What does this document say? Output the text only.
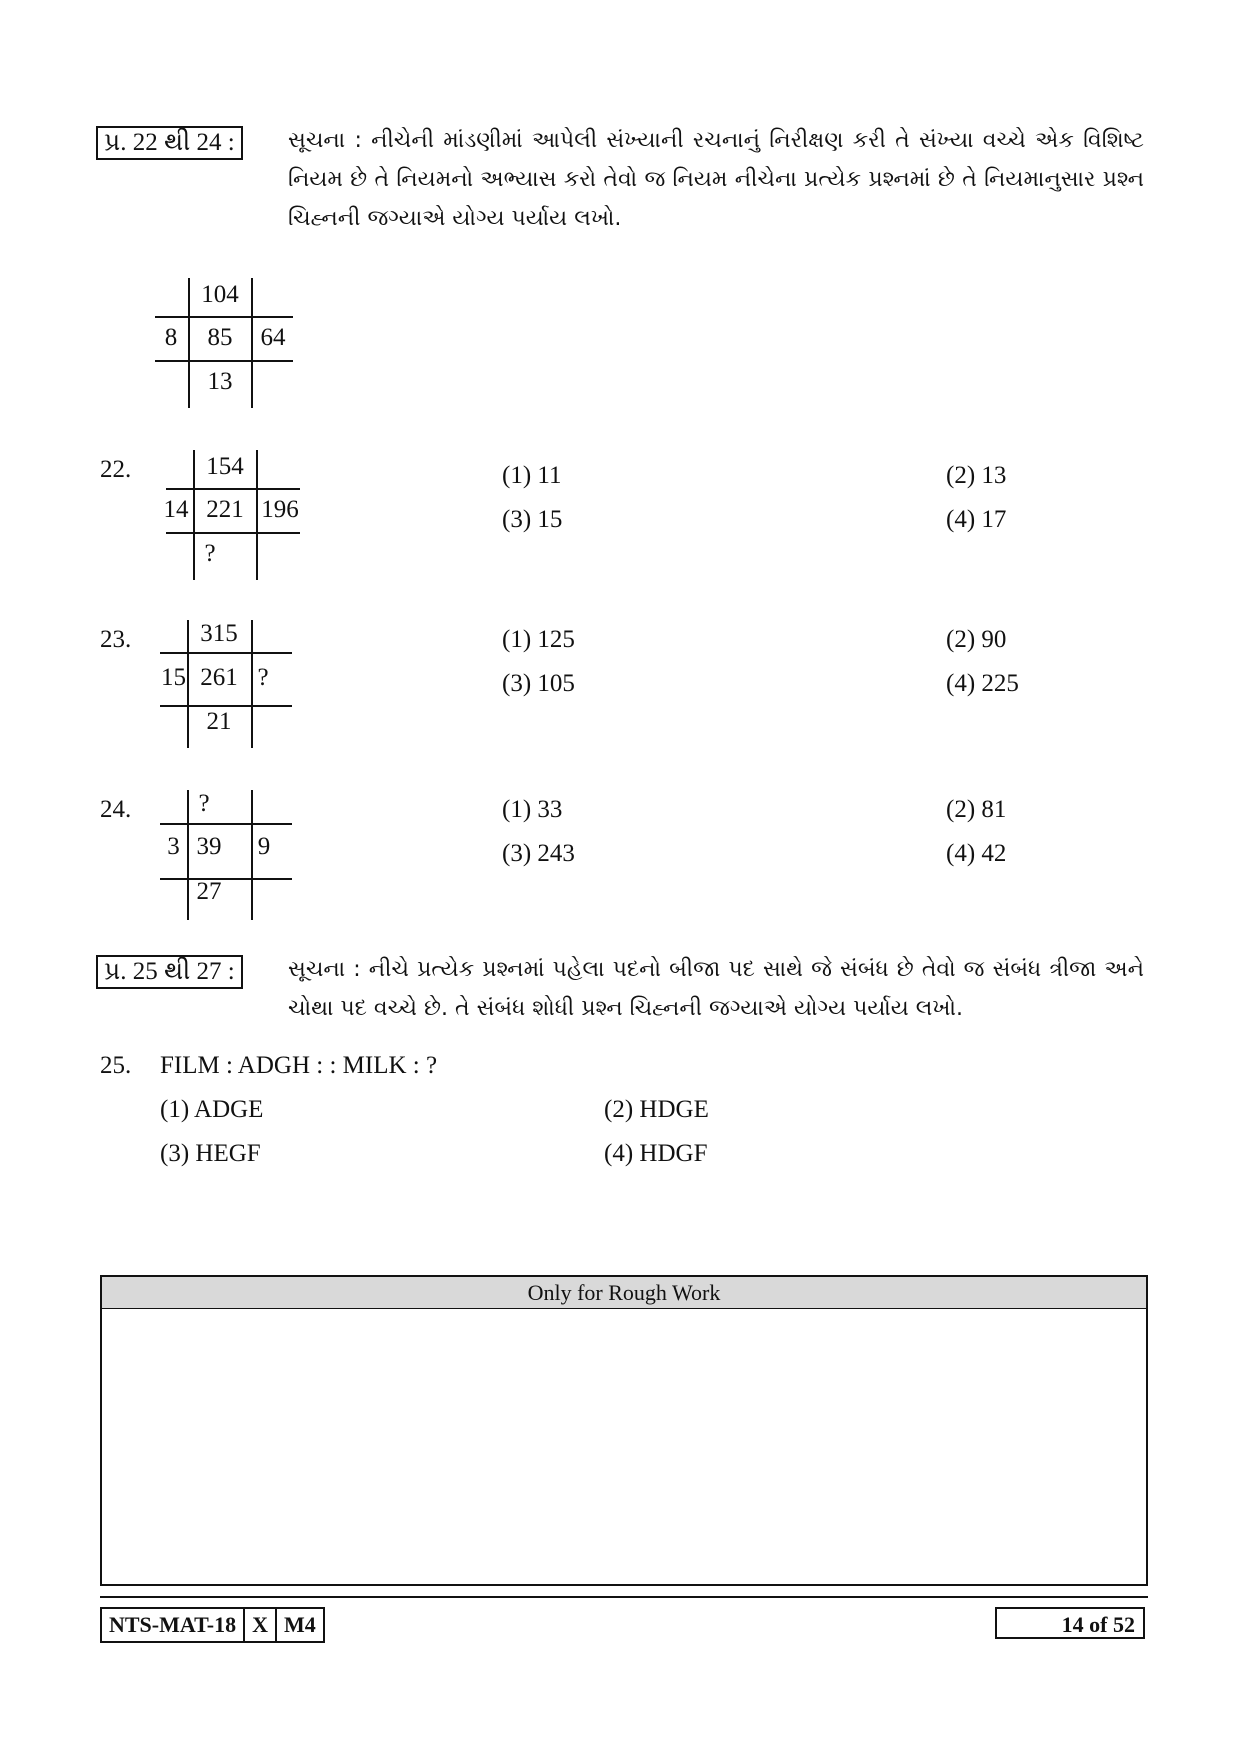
પ્ર. 22 થી 24 :	સૂચના : નીચેની માંડણીમાં આપેલી સંખ્યાની રચનાનું નિરીક્ષણ કરી તે સંખ્યા વચ્ચે એક વિશિષ્ટ નિયમ છે તે નિયમનો અભ્યાસ કરો તેવો જ નિયમ નીચેના પ્રત્યેક પ્રશ્નમાં છે તે નિયમાનુસાર પ્રશ્ન ચિહ્નની જગ્યાએ યોગ્ય પર્યાય લખો.
104
8	85	64
13
22.	154
14 221 196
?
(1) 11	(2) 13
(3) 15	(4) 17
23.	315
15 261 ?
21
(1) 125	(2) 90
(3) 105	(4) 225
24.	?
3 39	9
27
(1) 33	(2) 81
(3) 243	(4) 42
પ્ર. 25 થી 27 :	સૂચના : નીચે પ્રત્યેક પ્રશ્નમાં પહેલા પદનો બીજા પદ સાથે જે સંબંધ છે તેવો જ સંબંધ ત્રીજા અને ચોથા પદ વચ્ચે છે. તે સંબંધ શોધી પ્રશ્ન ચિહ્નની જગ્યાએ યોગ્ય પર્યાય લખો.
25. FILM : ADGH : : MILK : ?
(1) ADGE	(2) HDGE
(3) HEGF	(4) HDGF
Only for Rough Work
NTS-MAT-18 X M4	14 of 52
